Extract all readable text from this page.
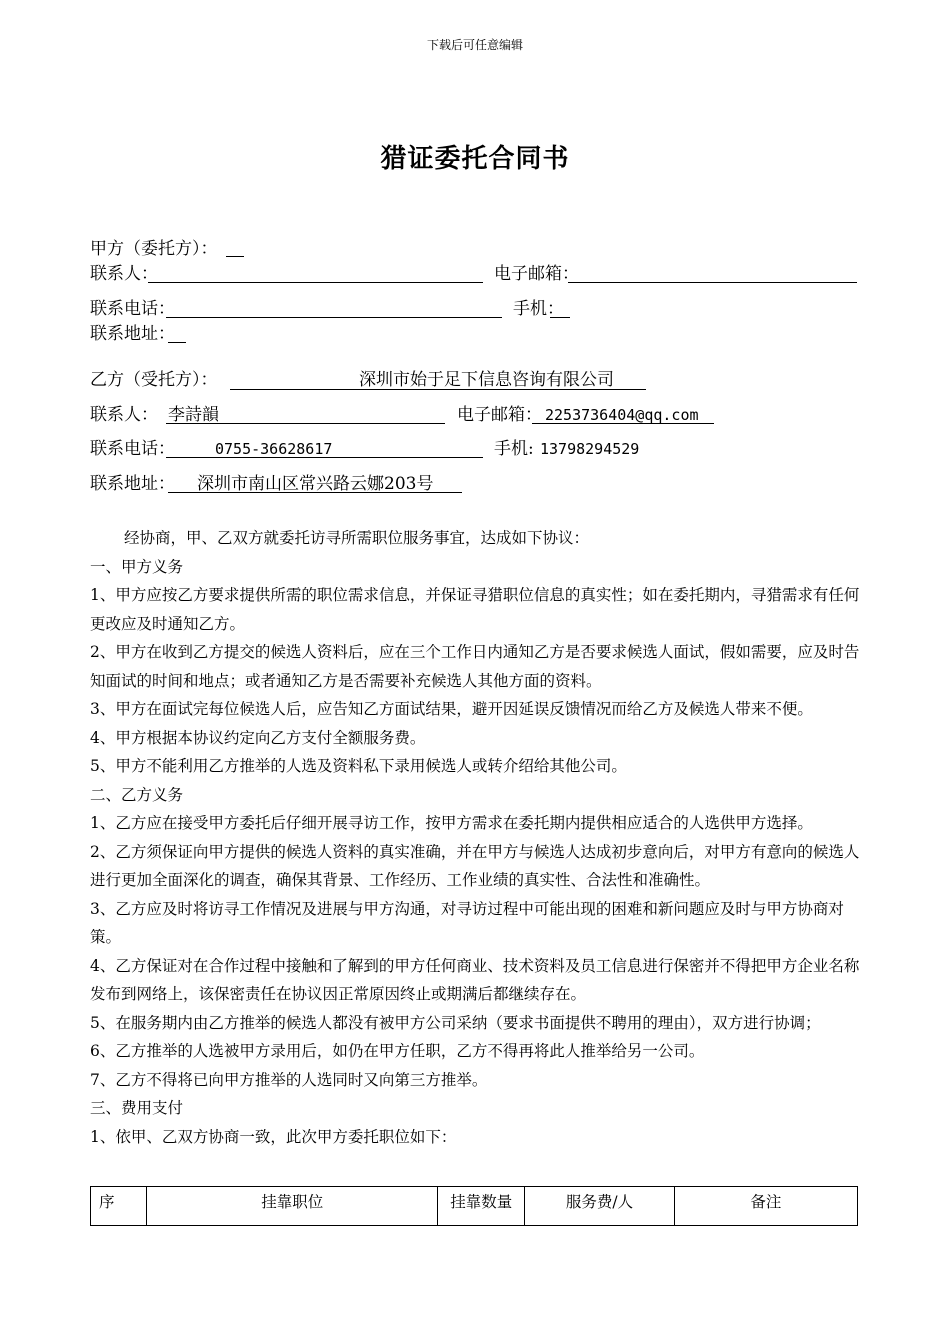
下载后可任意编辑
猎证委托合同书
甲方（委托方）：
联系人：	电子邮箱：
联系电话：	手机：
联系地址：
乙方（受托方）：	深圳市始于足下信息咨询有限公司
联系人： 李詩韻	电子邮箱： 2253736404@qq.com
联系电话：	0755-36628617	手机: 13798294529
联系地址： 深圳市南山区常兴路云娜203号

经协商，甲、乙双方就委托访寻所需职位服务事宜，达成如下协议：

一、甲方义务

1、甲方应按乙方要求提供所需的职位需求信息，并保证寻猎职位信息的真实性；如在委托期内，寻猎需求有任何更改应及时通知乙方。

2、甲方在收到乙方提交的候选人资料后，应在三个工作日内通知乙方是否要求候选人面试，假如需要，应及时告知面试的时间和地点；或者通知乙方是否需要补充候选人其他方面的资料。

3、甲方在面试完每位候选人后，应告知乙方面试结果，避开因延误反馈情况而给乙方及候选人带来不便。

4、甲方根据本协议约定向乙方支付全额服务费。

5、甲方不能利用乙方推举的人选及资料私下录用候选人或转介绍给其他公司。

二、乙方义务

1、乙方应在接受甲方委托后仔细开展寻访工作，按甲方需求在委托期内提供相应适合的人选供甲方选择。

2、乙方须保证向甲方提供的候选人资料的真实准确，并在甲方与候选人达成初步意向后，对甲方有意向的候选人进行更加全面深化的调查，确保其背景、工作经历、工作业绩的真实性、合法性和准确性。

3、乙方应及时将访寻工作情况及进展与甲方沟通，对寻访过程中可能出现的困难和新问题应及时与甲方协商对策。

4、乙方保证对在合作过程中接触和了解到的甲方任何商业、技术资料及员工信息进行保密并不得把甲方企业名称发布到网络上，该保密责任在协议因正常原因终止或期满后都继续存在。

5、在服务期内由乙方推举的候选人都没有被甲方公司采纳（要求书面提供不聘用的理由），双方进行协调；

6、乙方推举的人选被甲方录用后，如仍在甲方任职，乙方不得再将此人推举给另一公司。

7、乙方不得将已向甲方推举的人选同时又向第三方推举。

三、费用支付

1、依甲、乙双方协商一致，此次甲方委托职位如下：

序	挂靠职位	挂靠数量	服务费/人	备注
